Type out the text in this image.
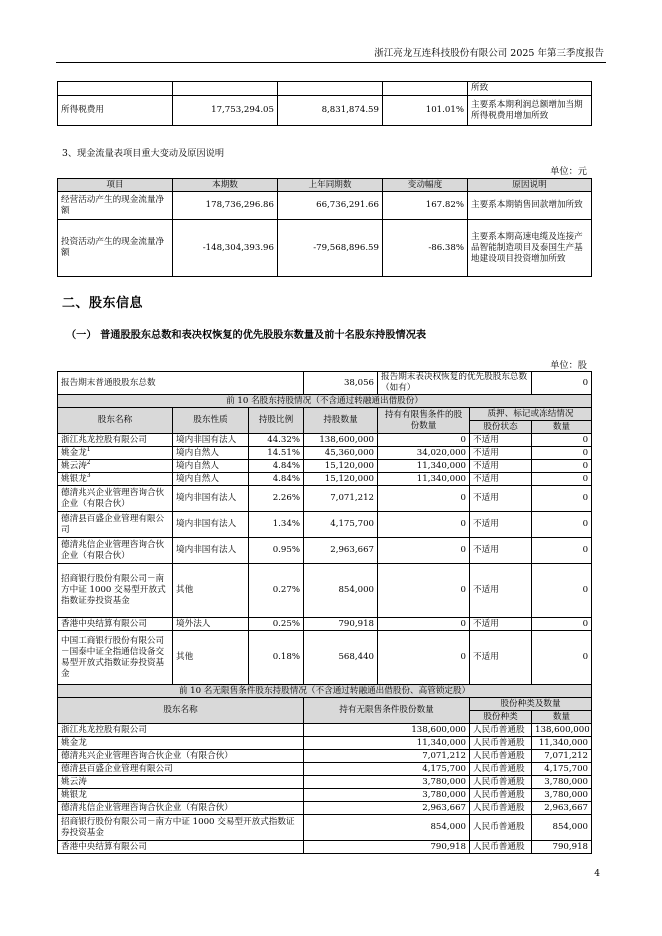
浙江亮龙互连科技股份有限公司 2025 年第三季度报告
				所致
所得税费用	17,753,294.05	8,831,874.59	101.01%	主要系本期利润总额增加当期所得税费用增加所致
3、现金流量表项目重大变动及原因说明
单位：元
项目	本期数	上年同期数	变动幅度	原因说明
经营活动产生的现金流量净额	178,736,296.86	66,736,291.66	167.82%	主要系本期销售回款增加所致
投资活动产生的现金流量净额	-148,304,393.96	-79,568,896.59	-86.38%	主要系本期高速电缆及连接产品智能制造项目及泰国生产基地建设项目投资增加所致
二、股东信息
（一） 普通股股东总数和表决权恢复的优先股股东数量及前十名股东持股情况表
单位：股
报告期末普通股股东总数			38,056	报告期末表决权恢复的优先股股东总数（如有）		0
前 10 名股东持股情况（不含通过转融通出借股份）						
股东名称	股东性质	持股比例	持股数量	持有有限售条件的股份数量	质押、标记或冻结情况	
					股份状态	数量
浙江兆龙控股有限公司	境内非国有法人	44.32%	138,600,000	0	不适用	0
姚金龙$^1$	境内自然人	14.51%	45,360,000	34,020,000	不适用	0
姚云涛$^2$	境内自然人	4.84%	15,120,000	11,340,000	不适用	0
姚银龙$^3$	境内自然人	4.84%	15,120,000	11,340,000	不适用	0
德清兆兴企业管理咨询合伙企业（有限合伙）	境内非国有法人	2.26%	7,071,212	0	不适用	0
德清县百盛企业管理有限公司	境内非国有法人	1.34%	4,175,700	0	不适用	0
德清兆信企业管理咨询合伙企业（有限合伙）	境内非国有法人	0.95%	2,963,667	0	不适用	0
招商银行股份有限公司－南方中证 1000 交易型开放式指数证券投资基金	其他	0.27%	854,000	0	不适用	0
香港中央结算有限公司	境外法人	0.25%	790,918	0	不适用	0
中国工商银行股份有限公司－国泰中证全指通信设备交易型开放式指数证券投资基金	其他	0.18%	568,440	0	不适用	0
前 10 名无限售条件股东持股情况（不含通过转融通出借股份、高管锁定股）						
股东名称			持有无限售条件股份数量		股份种类及数量	
					股份种类	数量
浙江兆龙控股有限公司			138,600,000		人民币普通股	138,600,000
姚金龙			11,340,000		人民币普通股	11,340,000
德清兆兴企业管理咨询合伙企业（有限合伙）			7,071,212		人民币普通股	7,071,212
德清县百盛企业管理有限公司			4,175,700		人民币普通股	4,175,700
姚云涛			3,780,000		人民币普通股	3,780,000
姚银龙			3,780,000		人民币普通股	3,780,000
德清兆信企业管理咨询合伙企业（有限合伙）			2,963,667		人民币普通股	2,963,667
招商银行股份有限公司－南方中证 1000 交易型开放式指数证券投资基金			854,000		人民币普通股	854,000
香港中央结算有限公司			790,918		人民币普通股	790,918
4
